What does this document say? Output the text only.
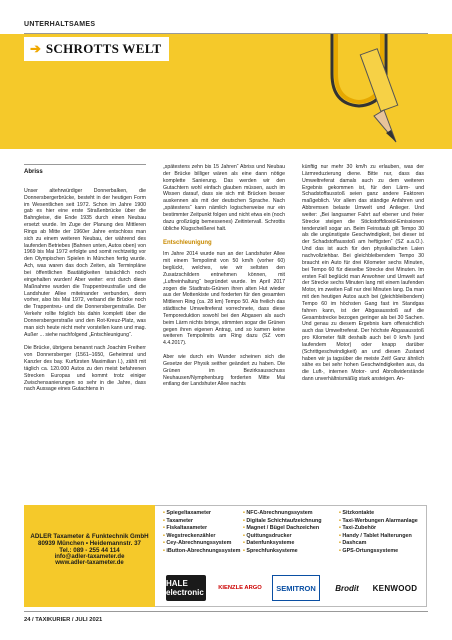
UNTERHALTSAMES
➔ SCHROTTS WELT
Abriss

Unser altehrwürdiger Donnerbalken, die Donnersbergerbrücke, besteht in der heutigen Form im Wesentlichen seit 1972. Schon im Jahre 1900 gab es hier eine erste Straßenbrücke über die Bahngleise, die Ende 1935 durch einen Neubau ersetzt wurde. Im Zuge der Planung des Mittleren Rings ab Mitte der 1960er Jahre entschloss man sich zu einem weiteren Neubau, der während des laufenden Betriebes (Bahnen unten, Autos oben) von 1969 bis Mai 1972 erfolgte und somit rechtzeitig vor den Olympischen Spielen in München fertig wurde. Ach, was waren das doch Zeiten, als Terminpläne bei öffentlichen Bautätigkeiten tatsächlich noch eingehalten wurden! Aber weiter: erst durch diese Maßnahme wurden die Trappentreustraße und die Landshuter Allee miteinander verbunden, denn vorher, also bis Mai 1972, verband die Brücke noch die Trappentreu- und die Donnersbergerstraße. Der Verkehr rollte folglich bis dahin komplett über die Donnersbergerstraße und den Rot-Kreuz-Platz, was man sich heute nicht mehr vorstellen kann und mag. Außer ... siehe nachfolgend „Entschleunigung“.

Die Brücke, übrigens benannt nach Joachim Freiherr von Donnersberger (1561–1650, Geheimrat und Kanzler des bay. Kurfürsten Maximilian I.), zählt mit täglich ca. 120.000 Autos zu den meist befahrenen Strecken Europas und kommt trotz einiger Zwischensanierungen so sehr in die Jahre, dass nach Aussage eines Gutachtens in

„spätestens zehn bis 15 Jahren“ Abriss und Neubau der Brücke billiger wären als eine dann nötige komplette Sanierung. Das werden wir den Gutachtern wohl einfach glauben müssen, auch im Wissen darauf, dass sie sich mit Brücken besser auskennen als mit der deutschen Sprache. Nach „spätestens“ kann nämlich logischerweise nur ein bestimmter Zeitpunkt folgen und nicht etwa ein (noch dazu großzügig bemessenes) Zeitintervall. Schrottis übliche Klugscheißerei halt.

Entschleunigung

Im Jahre 2014 wurde nun an der Landshuter Allee mit einem Tempolimit von 50 km/h (vorher 60) beglückt, welches, wie wir seltsten den Zusatzschildern entnehmen können, mit „Luftreinhaltung“ begründet wurde. Im April 2017 zogen die Stadtrats-Grünen ihren alten Hut wieder aus der Mottenkiste und forderten für den gesamten Mittleren Ring (ca. 28 km) Tempo 50. Als freilich das städtische Umweltreferat vorrechnete, dass diese Temporeduktion sowohl bei den Abgasen als auch beim Lärm nichts bringe, stimmten sogar die Grünen gegen ihren eigenen Antrag, und so kamen keine weiteren Tempolimits am Ring dazu (SZ vom 4.4.2017).

Aber wie durch ein Wunder scheinen sich die Gesetze der Physik seither geändert zu haben. Die Grünen im Bezirksausschuss Neuhausen/Nymphenburg forderten Mitte Mai entlang der Landshuter Allee nachts

künftig nur mehr 30 km/h zu erlauben, was der Lärmreduzierung diene. Bitte nur, dass das Umweltreferat damals auch zu dem weiteren Ergebnis gekommen ist, für den Lärm- und Schadstoffausstoß seien ganz andere Faktoren maßgeblich. Vor allem das ständige Anfahren und Abbremsen belaste Umwelt und Anlieger. Und weiter: „Bei langsamer Fahrt auf ebener und freier Strecke steigen die Stickstoffdioxid-Emissionen tendenziell sogar an. Beim Feinstaub gilt Tempo 30 als die ungünstigste Geschwindigkeit, bei dieser ist der Schadstoffausstoß am heftigsten“ (SZ a.a.O.). Und das ist auch für den physikalischen Laien nachvollziehbar. Bei gleichbleibendem Tempo 30 braucht ein Auto für drei Kilometer sechs Minuten, bei Tempo 60 für dieselbe Strecke drei Minuten. Im ersten Fall beglückt man Anwohner und Umwelt auf der Strecke sechs Minuten lang mit einem laufenden Motor, im zweiten Fall nur drei Minuten lang. Da man mit den heutigen Autos auch bei (gleichbleibendem) Tempo 60 im höchsten Gang fast im Standgas fahren kann, ist der Abgasausstoß auf die Gesamtstrecke bezogen geringer als bei 30 Sachen. Und genau zu diesem Ergebnis kam offensichtlich auch das Umweltreferat. Der höchste Abgasausstoß pro Kilometer fällt deshalb auch bei 0 km/h (und laufendem Motor) oder knapp darüber (Schrittgeschwindigkeit) an und diesen Zustand haben wir ja tagsüber die meiste Zeit! Ganz ähnlich sähe es bei sehr hohen Geschwindigkeiten aus, da die Luft-, internen Motor- und Abrollwiderstände dann unverhältnismäßig stark ansteigen. An-

ADLER Taxameter & Funktechnik GmbH
80939 München • Heidemannstr. 37
Tel.: 089 - 255 44 114
info@adler-taxameter.de
www.adler-taxameter.de
• Spiegeltaxameter
• Taxameter
• Fiskaltaxameter
• Wegstreckenzähler
• Cey-Abrechnungssystem
• iButton-Abrechnungssystem
• NFC-Abrechnungssystem
• Digitale Schichtaufzeichnung
• Magnet / Bügel Dachzeichen
• Quittungsdrucker
• Datenfunksysteme
• Sprechfunksysteme
• Sitzkontakte
• Taxi-Werbungen Alarmanlage
• Taxi-Zubehör
• Handy / Tablet Halterungen
• Dashcam
• GPS-Ortungssysteme
HALE electronic
KIENZLE ARGO	SEMITRON	Brodit	KENWOOD
24 / TAXIKURIER / JULI 2021
